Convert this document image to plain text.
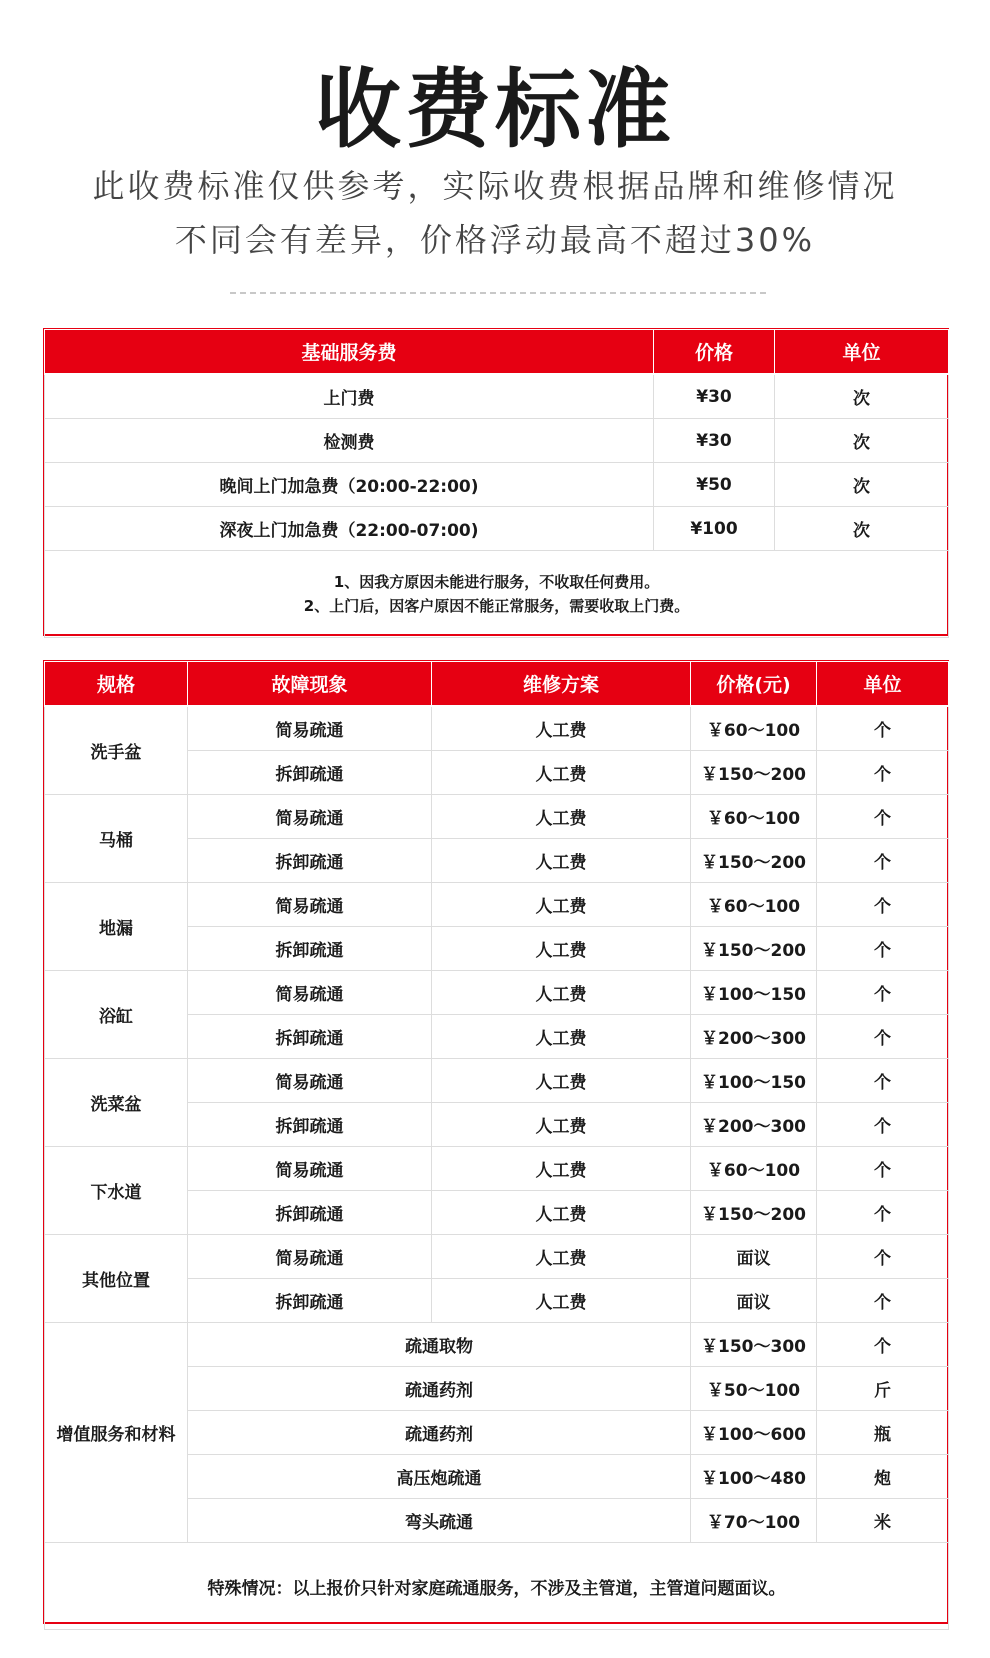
收费标准
此收费标准仅供参考，实际收费根据品牌和维修情况
不同会有差异，价格浮动最高不超过30%
基础服务费	价格	单位
上门费	¥30	次
检测费	¥30	次
晚间上门加急费（20:00-22:00)	¥50	次
深夜上门加急费（22:00-07:00)	¥100	次

1、因我方原因未能进行服务，不收取任何费用。
2、上门后，因客户原因不能正常服务，需要收取上门费。		
规格	故障现象	维修方案	价格(元)	单位
洗手盆	简易疏通	人工费	￥60～100	个
	拆卸疏通	人工费	￥150～200	个
马桶	简易疏通	人工费	￥60～100	个
	拆卸疏通	人工费	￥150～200	个
地漏	简易疏通	人工费	￥60～100	个
	拆卸疏通	人工费	￥150～200	个
浴缸	简易疏通	人工费	￥100～150	个
	拆卸疏通	人工费	￥200～300	个
洗菜盆	简易疏通	人工费	￥100～150	个
	拆卸疏通	人工费	￥200～300	个
下水道	简易疏通	人工费	￥60～100	个
	拆卸疏通	人工费	￥150～200	个
其他位置	简易疏通	人工费	面议	个
	拆卸疏通	人工费	面议	个
增值服务和材料	疏通取物		￥150～300	个
	疏通药剂		￥50～100	斤
	疏通药剂		￥100～600	瓶
	高压炮疏通		￥100～480	炮
	弯头疏通		￥70～100	米
特殊情况：以上报价只针对家庭疏通服务，不涉及主管道，主管道问题面议。				
